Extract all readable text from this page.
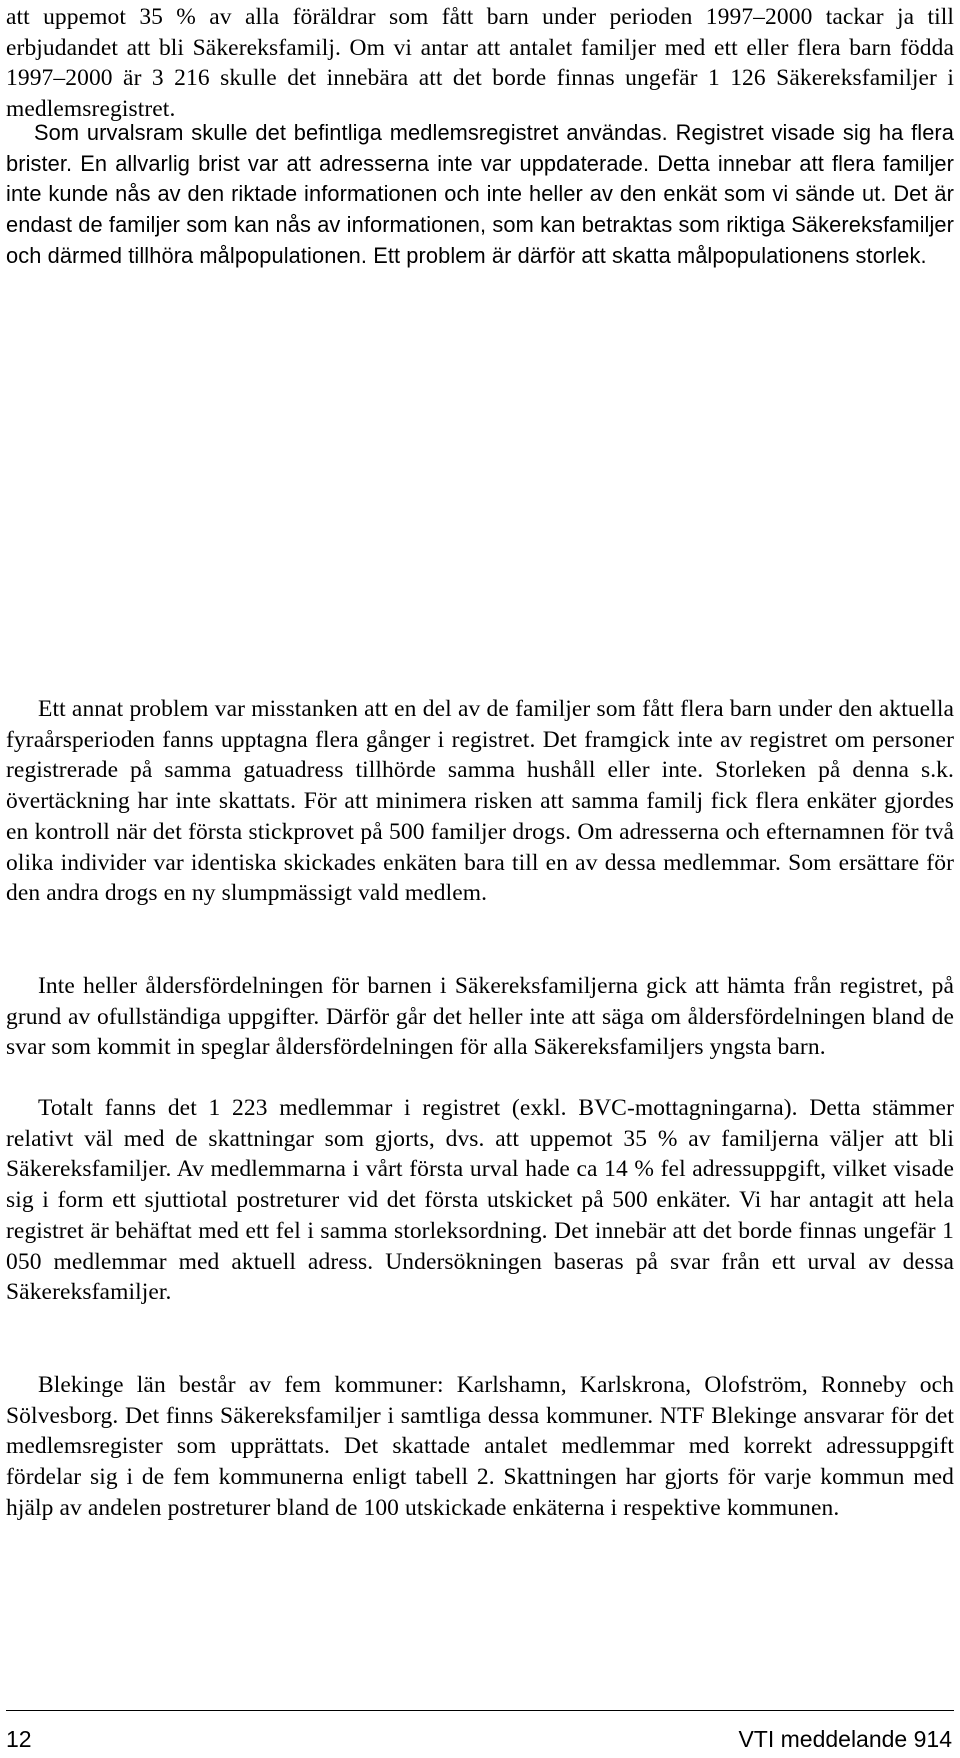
att uppemot 35 % av alla föräldrar som fått barn under perioden 1997–2000 tackar ja till erbjudandet att bli Säkereksfamilj. Om vi antar att antalet familjer med ett eller flera barn födda 1997–2000 är 3 216 skulle det innebära att det borde finnas ungefär 1 126 Säkereksfamiljer i medlemsregistret.

Som urvalsram skulle det befintliga medlemsregistret användas. Registret visade sig ha flera brister. En allvarlig brist var att adresserna inte var uppdaterade. Detta innebar att flera familjer inte kunde nås av den riktade informationen och inte heller av den enkät som vi sände ut. Det är endast de familjer som kan nås av informationen, som kan betraktas som riktiga Säkereksfamiljer och därmed tillhöra målpopulationen. Ett problem är därför att skatta målpopulationens storlek.

Ett annat problem var misstanken att en del av de familjer som fått flera barn under den aktuella fyraårsperioden fanns upptagna flera gånger i registret. Det framgick inte av registret om personer registrerade på samma gatuadress tillhörde samma hushåll eller inte. Storleken på denna s.k. övertäckning har inte skattats. För att minimera risken att samma familj fick flera enkäter gjordes en kontroll när det första stickprovet på 500 familjer drogs. Om adresserna och efternamnen för två olika individer var identiska skickades enkäten bara till en av dessa medlemmar. Som ersättare för den andra drogs en ny slumpmässigt vald medlem.

Inte heller åldersfördelningen för barnen i Säkereksfamiljerna gick att hämta från registret, på grund av ofullständiga uppgifter. Därför går det heller inte att säga om åldersfördelningen bland de svar som kommit in speglar åldersfördelningen för alla Säkereksfamiljers yngsta barn.

Totalt fanns det 1 223 medlemmar i registret (exkl. BVC-mottagningarna). Detta stämmer relativt väl med de skattningar som gjorts, dvs. att uppemot 35 % av familjerna väljer att bli Säkereksfamiljer. Av medlemmarna i vårt första urval hade ca 14 % fel adressuppgift, vilket visade sig i form ett sjuttiotal postreturer vid det första utskicket på 500 enkäter. Vi har antagit att hela registret är behäftat med ett fel i samma storleksordning. Det innebär att det borde finnas ungefär 1 050 medlemmar med aktuell adress. Undersökningen baseras på svar från ett urval av dessa Säkereksfamiljer.

Blekinge län består av fem kommuner: Karlshamn, Karlskrona, Olofström, Ronneby och Sölvesborg. Det finns Säkereksfamiljer i samtliga dessa kommuner. NTF Blekinge ansvarar för det medlemsregister som upprättats. Det skattade antalet medlemmar med korrekt adressuppgift fördelar sig i de fem kommunerna enligt tabell 2. Skattningen har gjorts för varje kommun med hjälp av andelen postreturer bland de 100 utskickade enkäterna i respektive kommunen.

12	VTI meddelande 914
